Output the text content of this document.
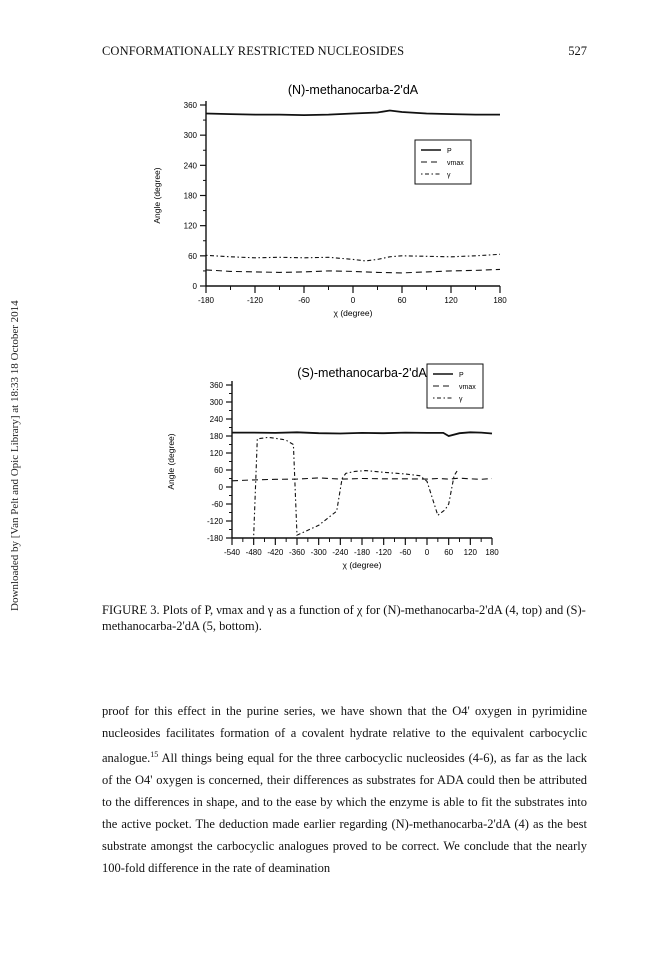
CONFORMATIONALLY RESTRICTED NUCLEOSIDES	527
Downloaded by [Van Pelt and Opic Library] at 18:33 18 October 2014
(N)-methanocarba-2'dA
0
60
120
180
240
300
360
-180	-120	-60	0	60	120	180
χ (degree)
Angle (degree)
P
νmax
γ
(S)-methanocarba-2'dA
-180
-120
-60
0
60
120
180
240
300
360
-540 -480 -420 -360 -300 -240 -180 -120 -60 0 60 120 180
χ (degree)
Angle (degree)
P
νmax
γ
FIGURE 3. Plots of P, νmax and γ as a function of χ for (N)-methanocarba-2'dA (4, top) and (S)-methanocarba-2'dA (5, bottom).
proof for this effect in the purine series, we have shown that the O4' oxygen in pyrimidine nucleosides facilitates formation of a covalent hydrate relative to the equivalent carbocyclic analogue.$^{15}$ All things being equal for the three carbocyclic nucleosides (4-6), as far as the lack of the O4' oxygen is concerned, their differences as substrates for ADA could then be attributed to the differences in shape, and to the ease by which the enzyme is able to fit the substrates into the active pocket. The deduction made earlier regarding (N)-methanocarba-2'dA (4) as the best substrate amongst the carbocyclic analogues proved to be correct. We conclude that the nearly 100-fold difference in the rate of deamination
